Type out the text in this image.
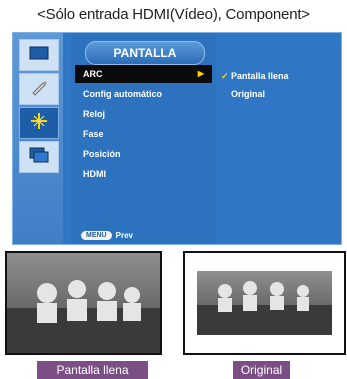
<Sólo entrada HDMI(Vídeo), Component>
PANTALLA
ARC	▶
Config automático
Reloj
Fase
Posición
HDMI
MENU	Prev
✓ Pantalla llena
Original
Pantalla llena	Original
